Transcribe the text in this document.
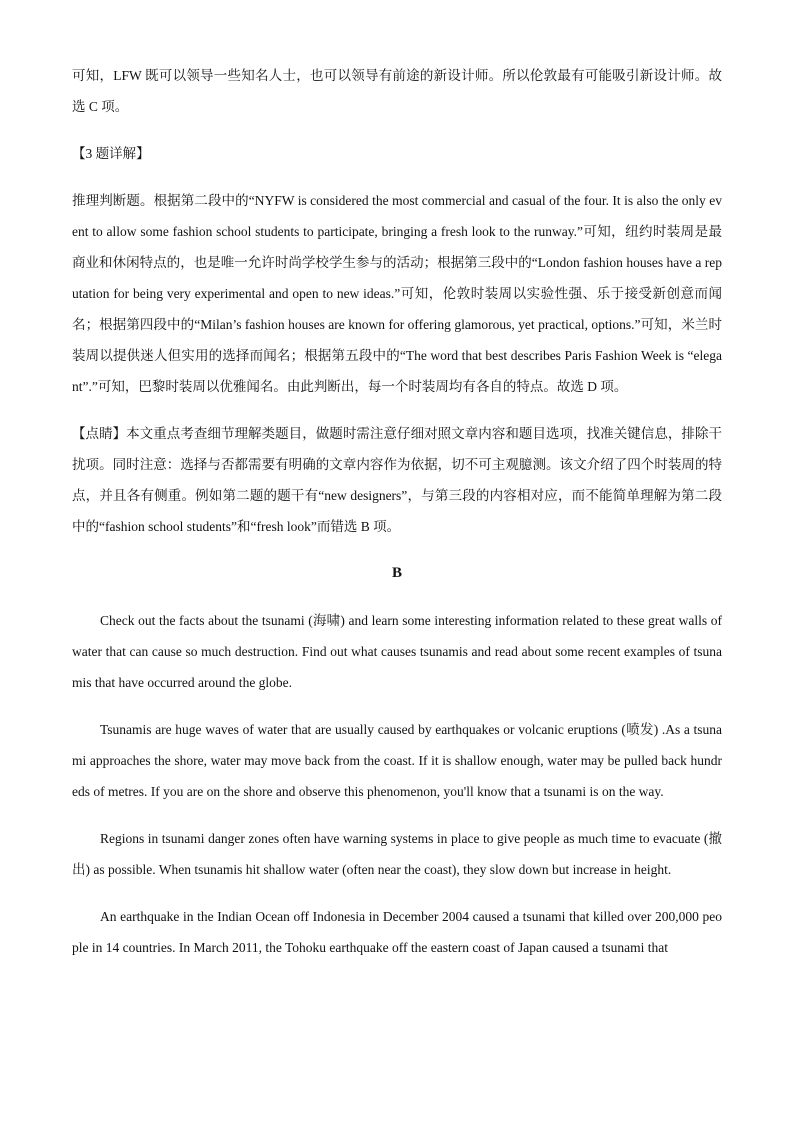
可知，LFW 既可以领导一些知名人士，也可以领导有前途的新设计师。所以伦敦最有可能吸引新设计师。故选 C 项。

【3 题详解】

推理判断题。根据第二段中的“NYFW is considered the most commercial and casual of the four. It is also the only event to allow some fashion school students to participate, bringing a fresh look to the runway.”可知，纽约时装周是最商业和休闲特点的，也是唯一允许时尚学校学生参与的活动；根据第三段中的“London fashion houses have a reputation for being very experimental and open to new ideas.”可知，伦敦时装周以实验性强、乐于接受新创意而闻名；根据第四段中的“Milan’s fashion houses are known for offering glamorous, yet practical, options.”可知，米兰时装周以提供迷人但实用的选择而闻名；根据第五段中的“The word that best describes Paris Fashion Week is “elegant”.”可知，巴黎时装周以优雅闻名。由此判断出，每一个时装周均有各自的特点。故选 D 项。

【点睛】本文重点考查细节理解类题目，做题时需注意仔细对照文章内容和题目选项，找准关键信息，排除干扰项。同时注意：选择与否都需要有明确的文章内容作为依据，切不可主观臆测。该文介绍了四个时装周的特点，并且各有侧重。例如第二题的题干有“new designers”，与第三段的内容相对应，而不能简单理解为第二段中的“fashion school students”和“fresh look”而错选 B 项。

B

Check out the facts about the tsunami (海啸) and learn some interesting information related to these great walls of water that can cause so much destruction. Find out what causes tsunamis and read about some recent examples of tsunamis that have occurred around the globe.

Tsunamis are huge waves of water that are usually caused by earthquakes or volcanic eruptions (喷发) .As a tsunami approaches the shore, water may move back from the coast. If it is shallow enough, water may be pulled back hundreds of metres. If you are on the shore and observe this phenomenon, you'll know that a tsunami is on the way.

Regions in tsunami danger zones often have warning systems in place to give people as much time to evacuate (撤出) as possible. When tsunamis hit shallow water (often near the coast), they slow down but increase in height.

An earthquake in the Indian Ocean off Indonesia in December 2004 caused a tsunami that killed over 200,000 people in 14 countries. In March 2011, the Tohoku earthquake off the eastern coast of Japan caused a tsunami that
